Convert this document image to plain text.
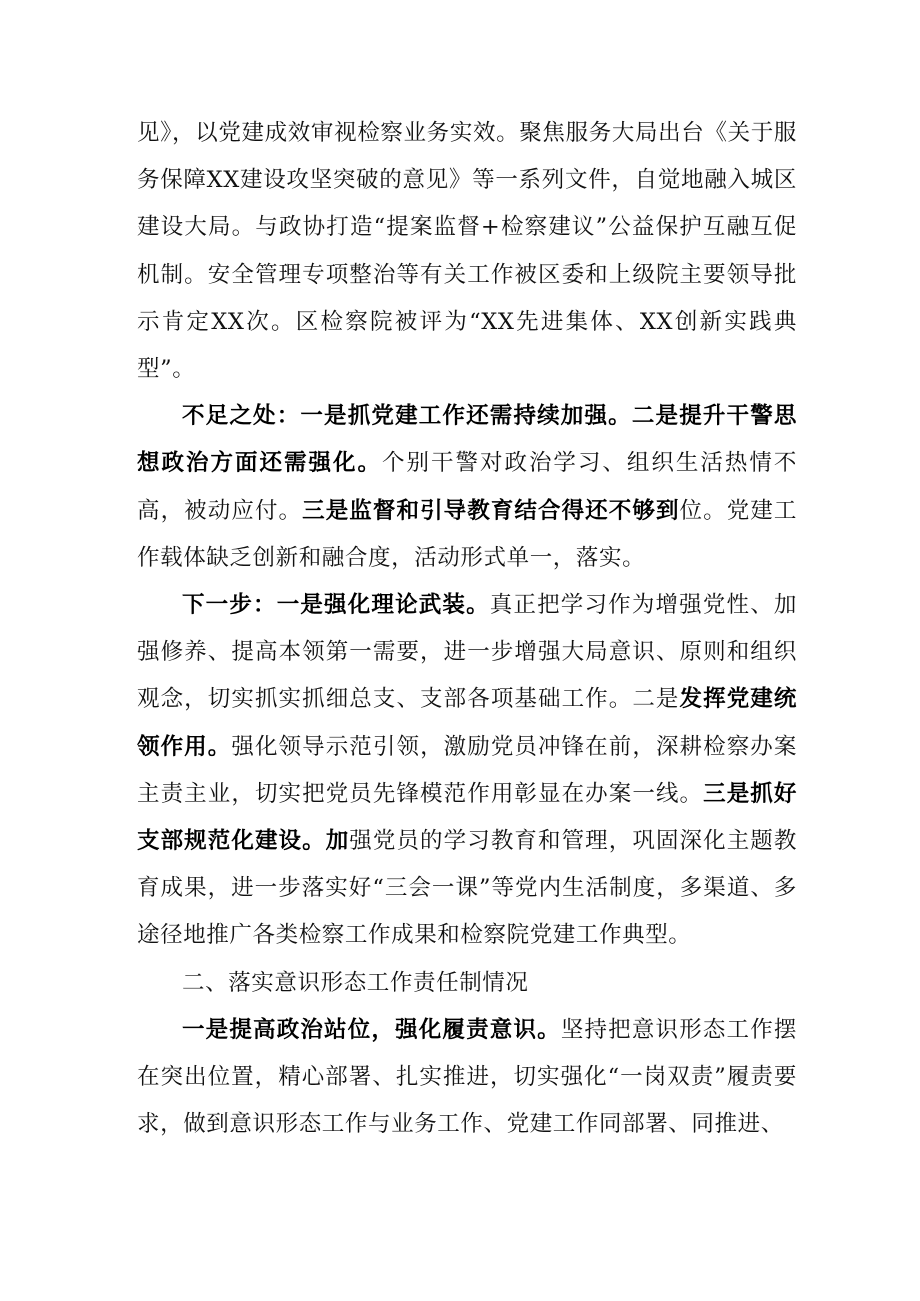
见》，以党建成效审视检察业务实效。聚焦服务大局出台《关于服务保障XX建设攻坚突破的意见》等一系列文件，自觉地融入城区建设大局。与政协打造“提案监督+检察建议”公益保护互融互促机制。安全管理专项整治等有关工作被区委和上级院主要领导批示肯定XX次。区检察院被评为“XX先进集体、XX创新实践典型”。

不足之处：一是抓党建工作还需持续加强。二是提升干警思想政治方面还需强化。个别干警对政治学习、组织生活热情不高，被动应付。三是监督和引导教育结合得还不够到位。党建工作载体缺乏创新和融合度，活动形式单一，落实。

下一步：一是强化理论武装。真正把学习作为增强党性、加强修养、提高本领第一需要，进一步增强大局意识、原则和组织观念，切实抓实抓细总支、支部各项基础工作。二是发挥党建统领作用。强化领导示范引领，激励党员冲锋在前，深耕检察办案主责主业，切实把党员先锋模范作用彰显在办案一线。三是抓好支部规范化建设。加强党员的学习教育和管理，巩固深化主题教育成果，进一步落实好“三会一课”等党内生活制度，多渠道、多途径地推广各类检察工作成果和检察院党建工作典型。

二、落实意识形态工作责任制情况

一是提高政治站位，强化履责意识。坚持把意识形态工作摆在突出位置，精心部署、扎实推进，切实强化“一岗双责”履责要求，做到意识形态工作与业务工作、党建工作同部署、同推进、
